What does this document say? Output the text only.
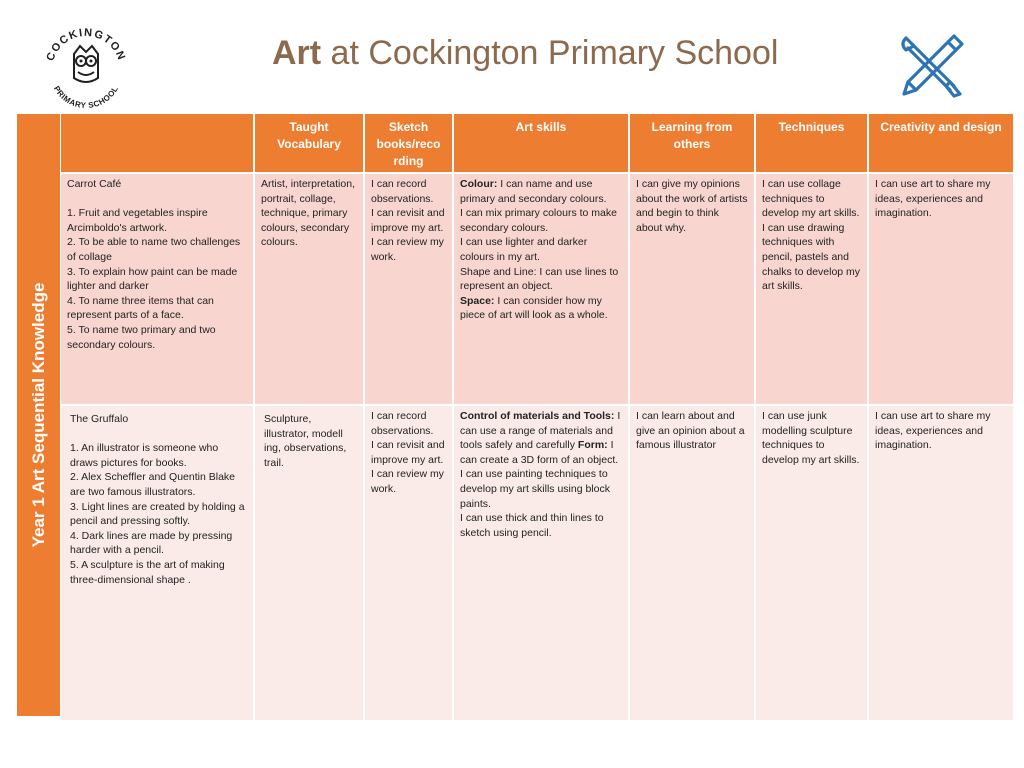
COCKINGTON
PRIMARY SCHOOL
Art at Cockington Primary School
Year 1 Art Sequential Knowledge
Taught Vocabulary
Sketch books/reco rding
Art skills	Learning from others
Techniques	Creativity and design
Carrot Café

1. Fruit and vegetables inspire Arcimboldo's artwork.
2. To be able to name two challenges of collage
3. To explain how paint can be made lighter and darker
4. To name three items that can represent parts of a face.
5. To name two primary and two secondary colours.
Artist, interpretation, portrait, collage, technique, primary colours, secondary colours.
I can record observations.
I can revisit and improve my art.
I can review my work.
Colour: I can name and use primary and secondary colours.
I can mix primary colours to make secondary colours.
I can use lighter and darker colours in my art.
Shape and Line: I can use lines to represent an object.
Space: I can consider how my piece of art will look as a whole.
I can give my opinions about the work of artists and begin to think about why.
I can use collage techniques to develop my art skills.
I can use drawing techniques with pencil, pastels and chalks to develop my art skills.
I can use art to share my ideas, experiences and imagination.
The Gruffalo

1. An illustrator is someone who draws pictures for books.
2. Alex Scheffler and Quentin Blake are two famous illustrators.
3. Light lines are created by holding a pencil and pressing softly.
4. Dark lines are made by pressing harder with a pencil.
5. A sculpture is the art of making three-dimensional shape .
Sculpture, illustrator, modell ing, observations, trail.
I can record observations.
I can revisit and improve my art.
I can review my work.
Control of materials and Tools: I can use a range of materials and tools safely and carefully Form: I can create a 3D form of an object.
I can use painting techniques to develop my art skills using block paints.
I can use thick and thin lines to sketch using pencil.
I can learn about and give an opinion about a famous illustrator
I can use junk modelling sculpture techniques to develop my art skills.
I can use art to share my ideas, experiences and imagination.
